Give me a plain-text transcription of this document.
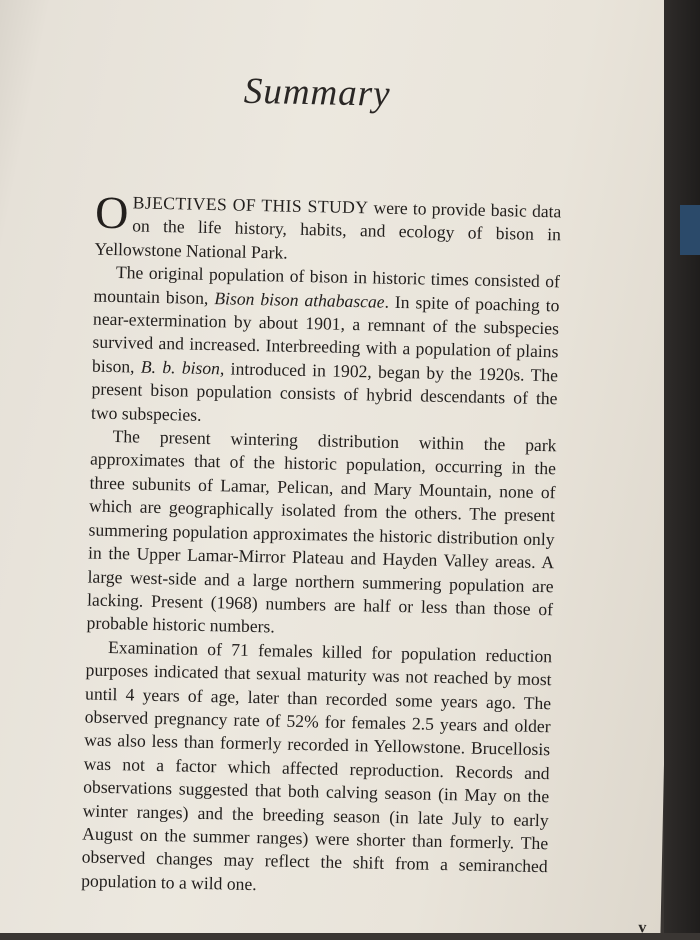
Summary

OBJECTIVES OF THIS STUDY were to provide basic data on the life history, habits, and ecology of bison in Yellowstone National Park.

The original population of bison in historic times consisted of mountain bison, Bison bison athabascae. In spite of poaching to near-extermination by about 1901, a remnant of the subspecies survived and increased. Interbreeding with a population of plains bison, B. b. bison, introduced in 1902, began by the 1920s. The present bison population consists of hybrid descendants of the two subspecies.

The present wintering distribution within the park approximates that of the historic population, occurring in the three subunits of Lamar, Pelican, and Mary Mountain, none of which are geographically isolated from the others. The present summering population approximates the historic distribution only in the Upper Lamar-Mirror Plateau and Hayden Valley areas. A large west-side and a large northern summering population are lacking. Present (1968) numbers are half or less than those of probable historic numbers.

Examination of 71 females killed for population reduction purposes indicated that sexual maturity was not reached by most until 4 years of age, later than recorded some years ago. The observed pregnancy rate of 52% for females 2.5 years and older was also less than formerly recorded in Yellowstone. Brucellosis was not a factor which affected reproduction. Records and observations suggested that both calving season (in May on the winter ranges) and the breeding season (in late July to early August on the summer ranges) were shorter than formerly. The observed changes may reflect the shift from a semiranched population to a wild one.

v
